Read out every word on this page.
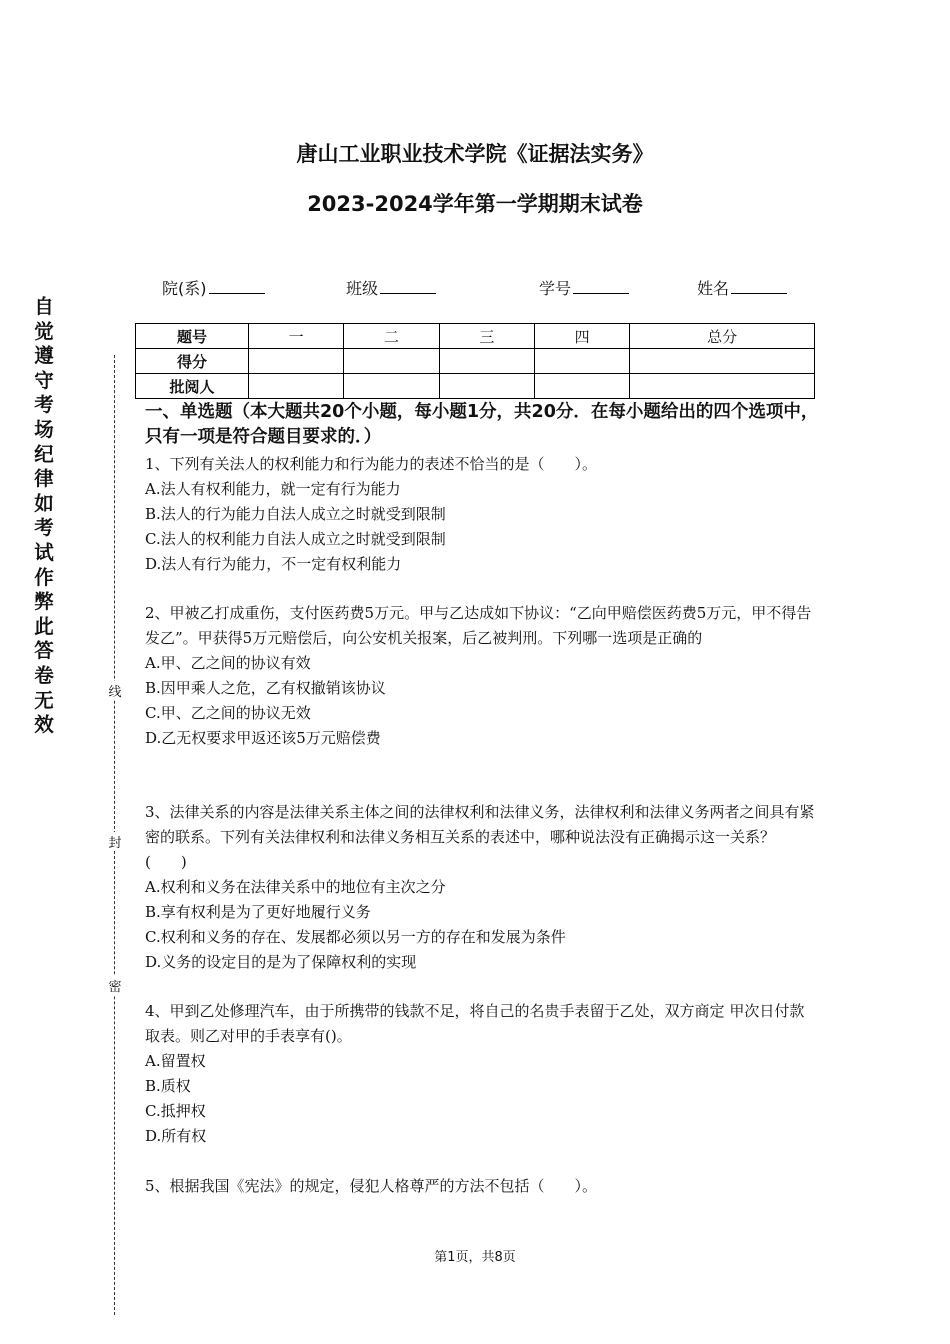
唐山工业职业技术学院《证据法实务》
2023-2024学年第一学期期末试卷
院(系)	班级	学号	姓名
题号	一	二	三	四	总分
得分					
批阅人					
自觉遵守考场纪律如考试作弊此答卷无效
线
封
密
一、单选题（本大题共20个小题，每小题1分，共20分．在每小题给出的四个选项中，只有一项是符合题目要求的．）

1、下列有关法人的权利能力和行为能力的表述不恰当的是（　　）。

A.法人有权利能力，就一定有行为能力

B.法人的行为能力自法人成立之时就受到限制

C.法人的权利能力自法人成立之时就受到限制

D.法人有行为能力，不一定有权利能力

2、甲被乙打成重伤，支付医药费5万元。甲与乙达成如下协议：“乙向甲赔偿医药费5万元，甲不得告发乙”。甲获得5万元赔偿后，向公安机关报案，后乙被判刑。下列哪一选项是正确的

A.甲、乙之间的协议有效

B.因甲乘人之危，乙有权撤销该协议

C.甲、乙之间的协议无效

D.乙无权要求甲返还该5万元赔偿费

3、法律关系的内容是法律关系主体之间的法律权利和法律义务，法律权利和法律义务两者之间具有紧密的联系。下列有关法律权利和法律义务相互关系的表述中，哪种说法没有正确揭示这一关系？(　　)

A.权利和义务在法律关系中的地位有主次之分

B.享有权利是为了更好地履行义务

C.权利和义务的存在、发展都必须以另一方的存在和发展为条件

D.义务的设定目的是为了保障权利的实现

4、甲到乙处修理汽车，由于所携带的钱款不足，将自己的名贵手表留于乙处，双方商定 甲次日付款取表。则乙对甲的手表享有()。

A.留置权

B.质权

C.抵押权

D.所有权

5、根据我国《宪法》的规定，侵犯人格尊严的方法不包括（　　）。

第1页，共8页
